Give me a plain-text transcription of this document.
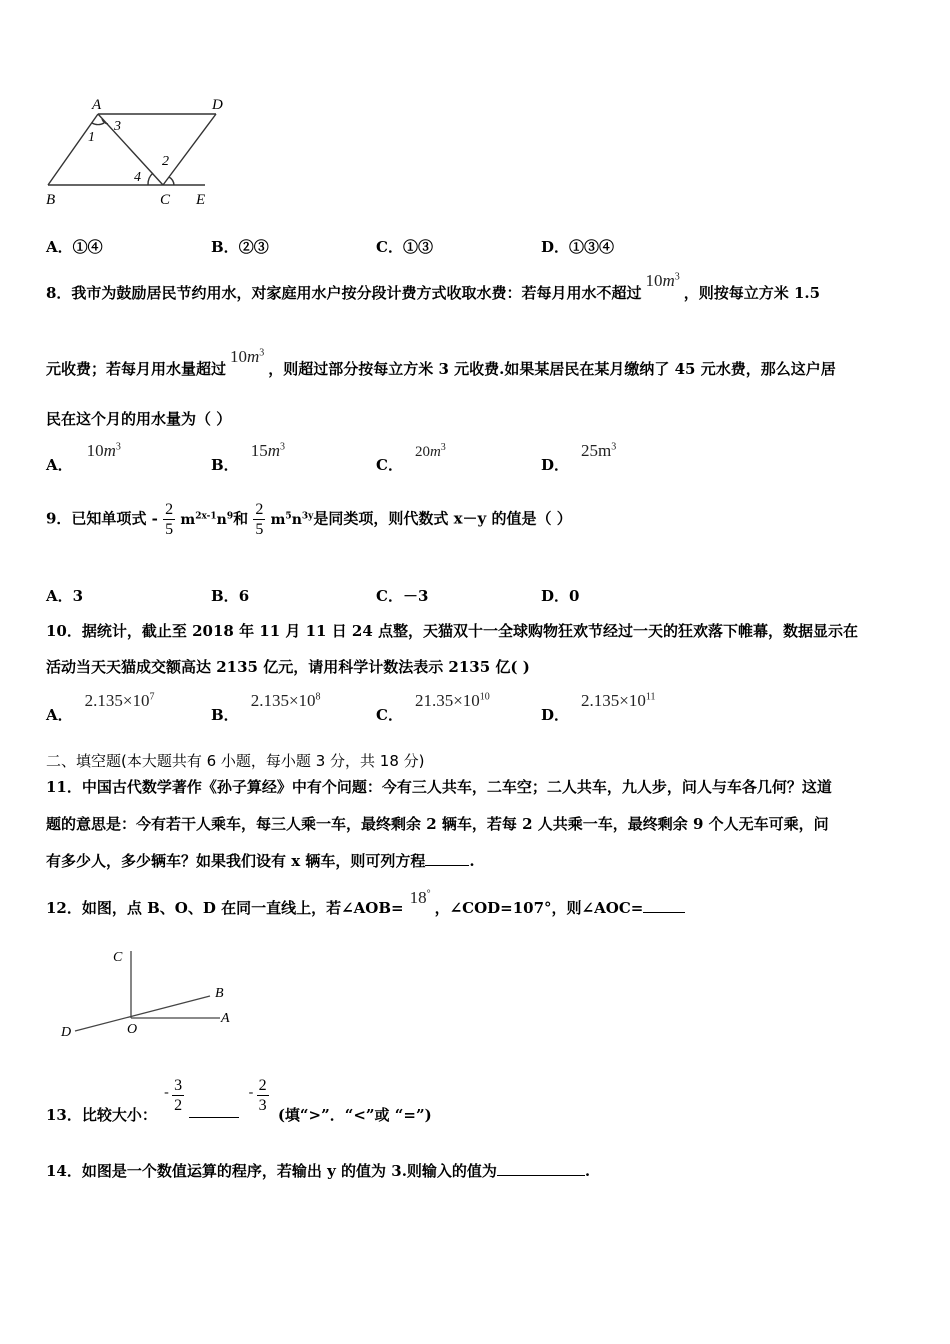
A	D
B	C E
1
3
2
4
A．①④	B．②③	C．①③	D．①③④
8．我市为鼓励居民节约用水，对家庭用水户按分段计费方式收取水费：若每月用水不超过$10m^3$，则按每立方米 1.5
元收费；若每月用水量超过$10m^3$，则超过部分按每立方米 3 元收费.如果某居民在某月缴纳了 45 元水费，那么这户居
民在这个月的用水量为（ ）
A．$10m^3$
B．$15m^3$
C．$20m^3$
D．$25m^3$
9．已知单项式 - $\frac{2}{5} m^{2x-1}n^9$和 $\frac{2}{5} m^5n^{3y}$是同类项，则代数式 x－y 的值是（ ）
A．3	B．6	C．－3	D．0
10．据统计，截止至 2018 年 11 月 11 日 24 点整，天猫双十一全球购物狂欢节经过一天的狂欢落下帷幕，数据显示在
活动当天天猫成交额高达 2135 亿元，请用科学计数法表示 2135 亿( )
A．$2.135\times 10^7$
B．$2.135\times 10^8$
C．$21.35\times 10^{10}$
D．$2.135\times 10^{11}$
二、填空题(本大题共有 6 小题，每小题 3 分，共 18 分)
11．中国古代数学著作《孙子算经》中有个问题：今有三人共车，二车空；二人共车，九人步，问人与车各几何？这道
题的意思是：今有若干人乘车，每三人乘一车，最终剩余 2 辆车，若每 2 人共乘一车，最终剩余 9 个人无车可乘，问
有多少人，多少辆车？如果我们设有 x 辆车，则可列方程	.
12．如图，点 B、O、D 在同一直线上，若∠AOB=18°，∠COD=107°，则∠AOC=
C
B
D	O
A
13．比较大小：
- 3
2

- 2
3 (填“>”．“<”或 “=”)
14．如图是一个数值运算的程序，若输出 y 的值为 3.则输入的值为	.
